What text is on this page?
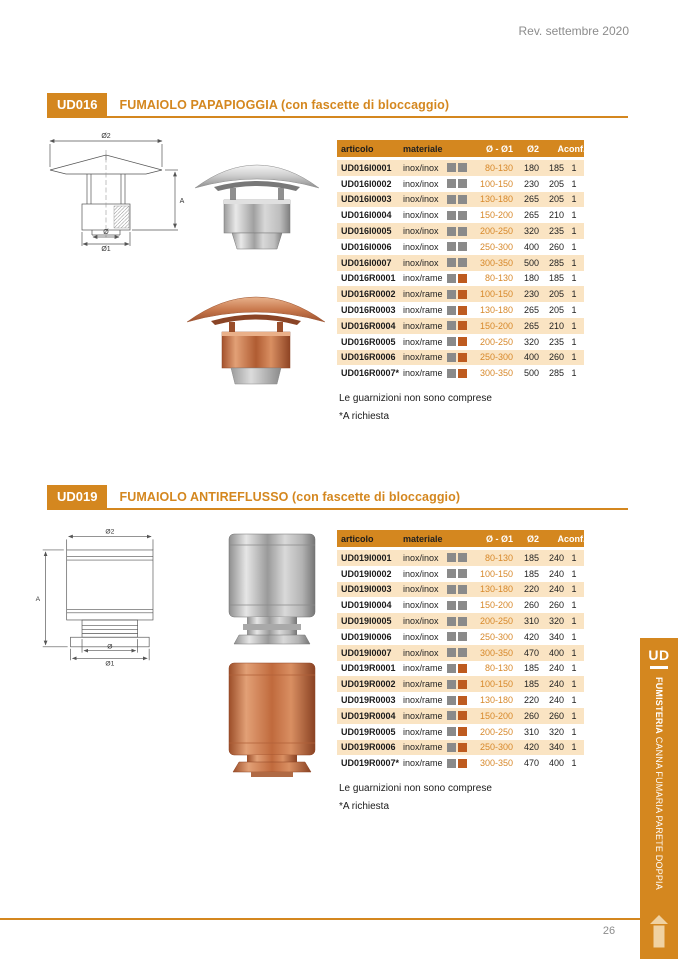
Rev. settembre 2020
UD016	FUMAIOLO PAPAPIOGGIA (con fascette di bloccaggio)
Ø2
A
Ø
Ø1
articolo	materiale	Ø - Ø1	Ø2	A conf.
UD016I0001	inox/inox	80-130	180	185 1
UD016I0002	inox/inox	100-150	230	205 1
UD016I0003	inox/inox	130-180	265	205 1
UD016I0004	inox/inox	150-200	265	210 1
UD016I0005	inox/inox	200-250	320	235 1
UD016I0006	inox/inox	250-300	400	260 1
UD016I0007	inox/inox	300-350	500	285 1
UD016R0001 inox/rame	80-130	180	185 1
UD016R0002 inox/rame	100-150	230	205 1
UD016R0003 inox/rame	130-180	265	205 1
UD016R0004 inox/rame	150-200	265	210 1
UD016R0005 inox/rame	200-250	320	235 1
UD016R0006 inox/rame	250-300	400	260 1
UD016R0007* inox/rame	300-350	500	285 1
Le guarnizioni non sono comprese
*A richiesta
UD019	FUMAIOLO ANTIREFLUSSO (con fascette di bloccaggio)
Ø2
A
Ø
Ø1
articolo	materiale	Ø - Ø1	Ø2	A conf.
UD019I0001	inox/inox	80-130	185	240 1
UD019I0002	inox/inox	100-150	185	240 1
UD019I0003	inox/inox	130-180	220	240 1
UD019I0004	inox/inox	150-200	260	260 1
UD019I0005	inox/inox	200-250	310	320 1
UD019I0006	inox/inox	250-300	420	340 1
UD019I0007	inox/inox	300-350	470	400 1
UD019R0001 inox/rame	80-130	185	240 1
UD019R0002 inox/rame	100-150	185	240 1
UD019R0003 inox/rame	130-180	220	240 1
UD019R0004 inox/rame	150-200	260	260 1
UD019R0005 inox/rame	200-250	310	320 1
UD019R0006 inox/rame	250-300	420	340 1
UD019R0007* inox/rame	300-350	470	400 1
Le guarnizioni non sono comprese
*A richiesta
UD
FUMISTERIACANNA FUMARIA PARETE DOPPIA
26
